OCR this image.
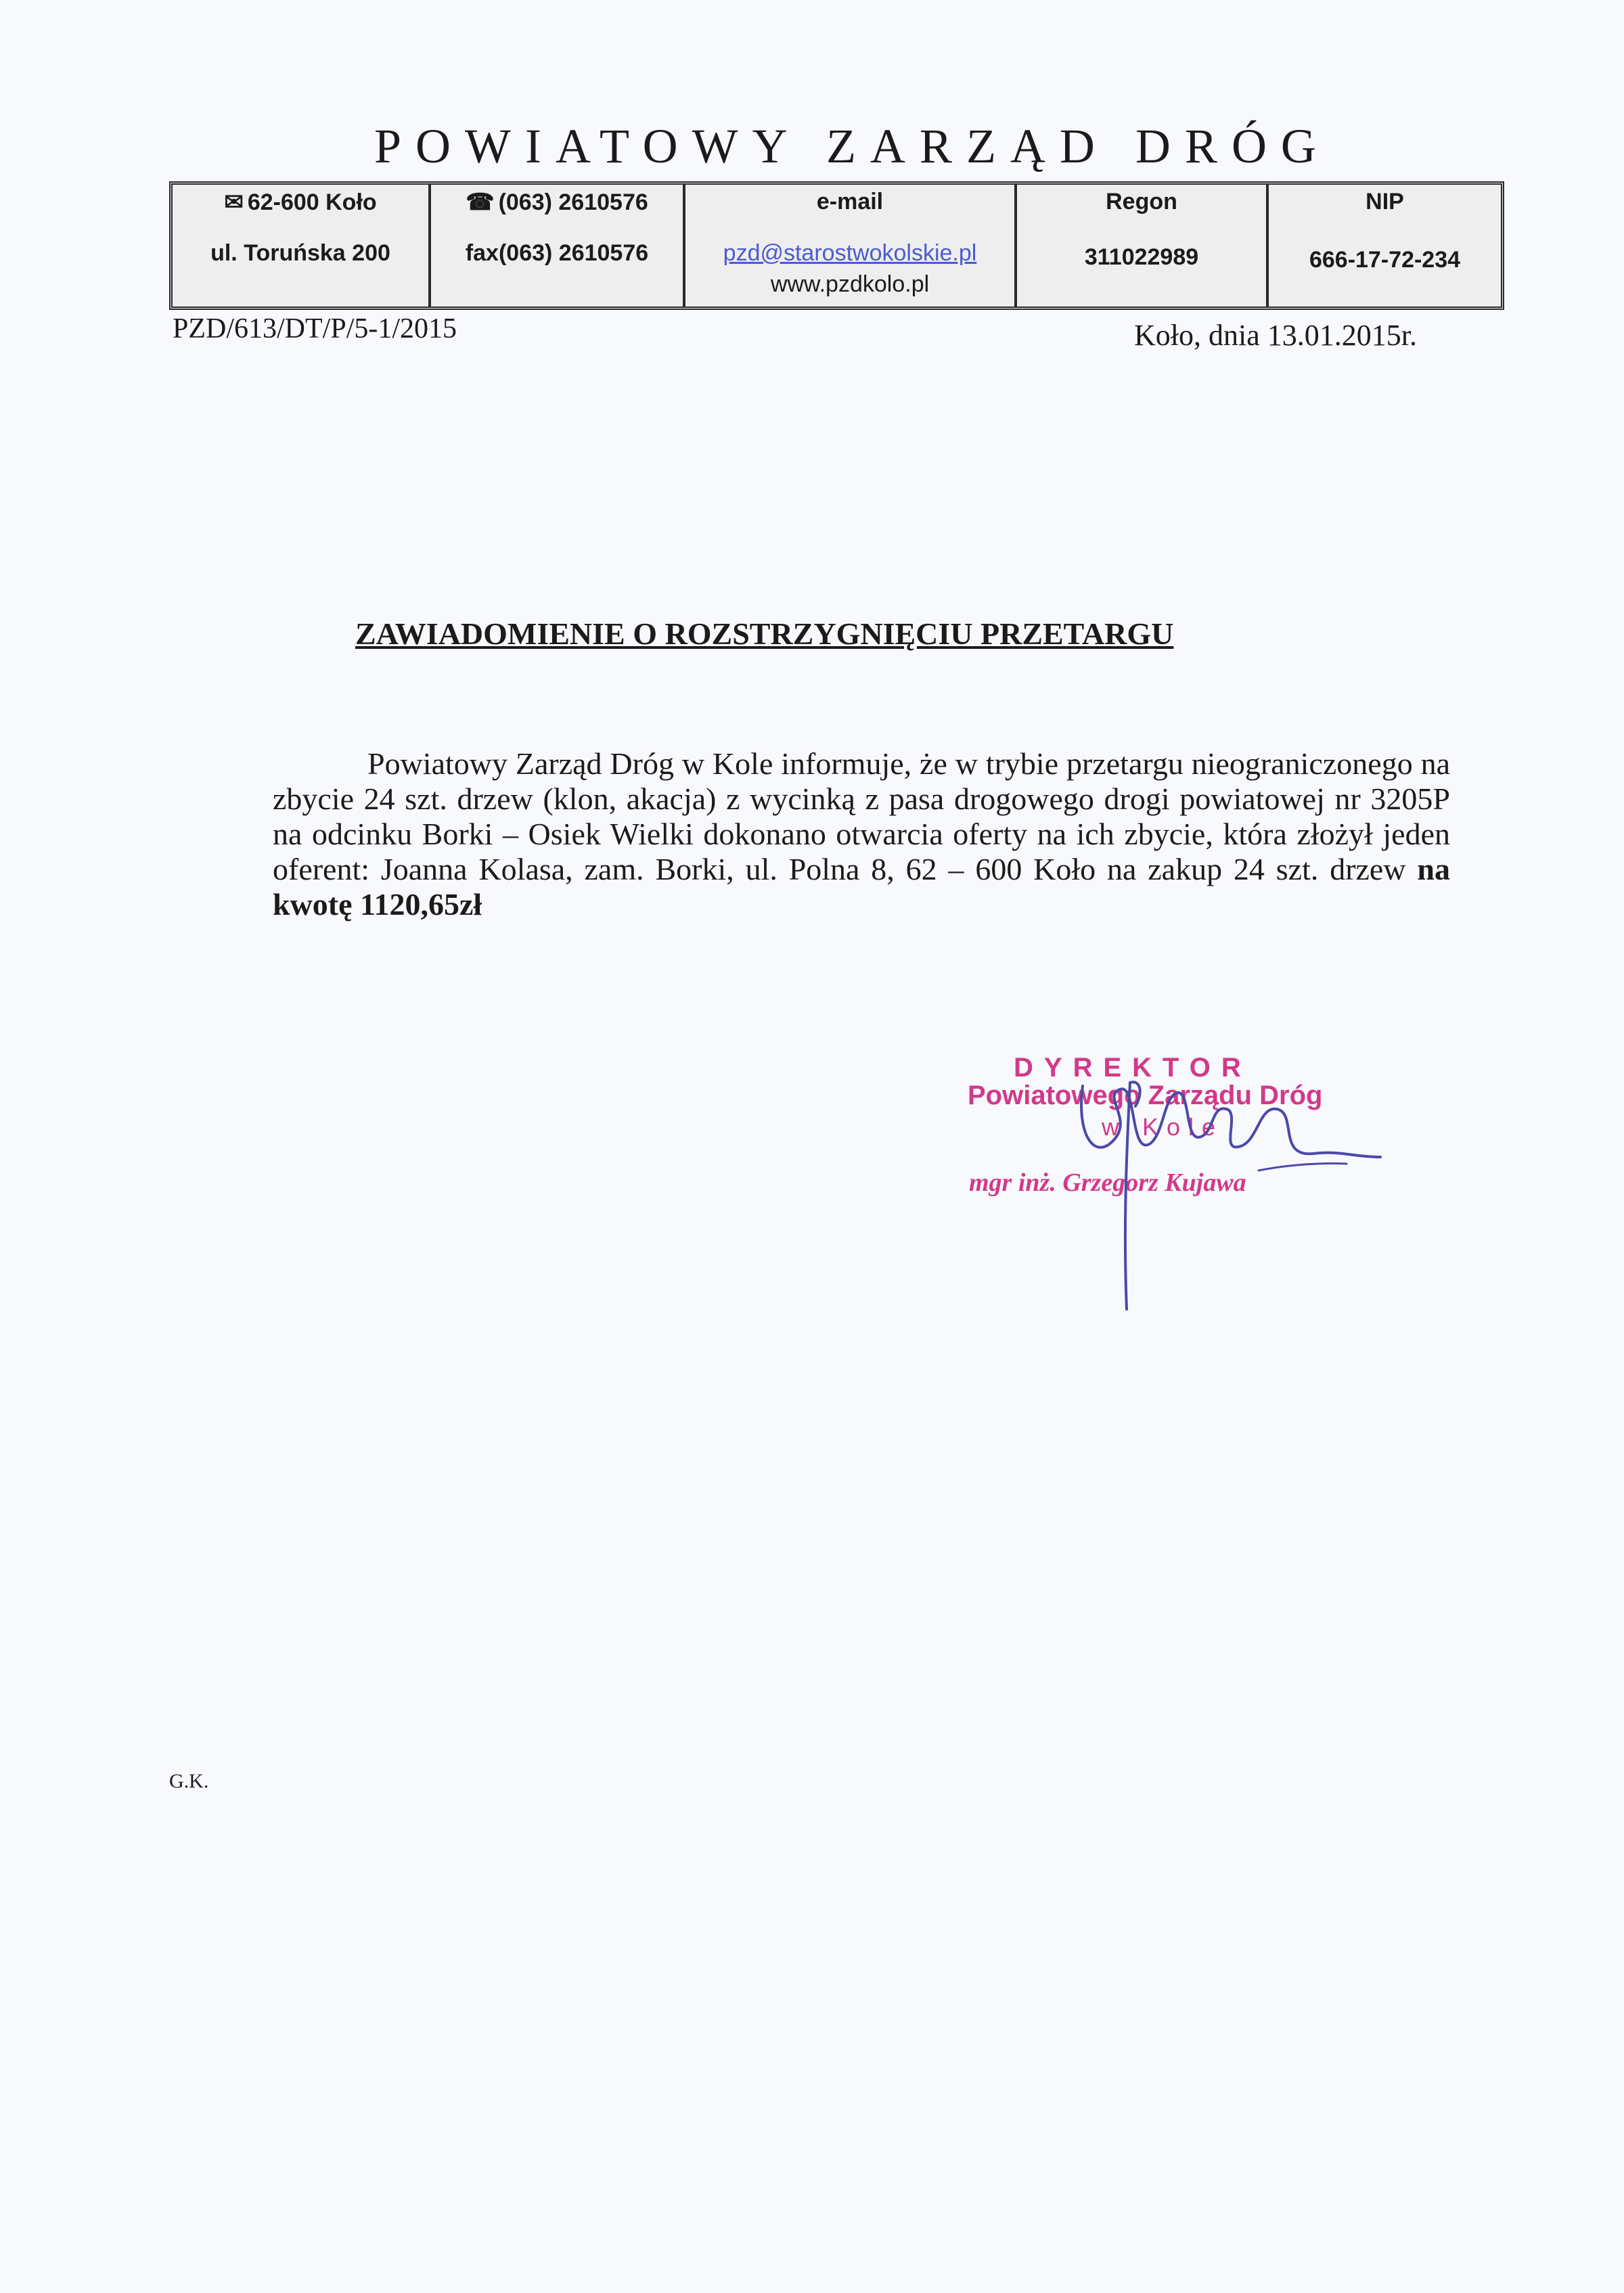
POWIATOWY ZARZĄD DRÓG
✉ 62-600 Koło
ul. Toruńska 200
☎ (063) 2610576
fax(063) 2610576
e-mail
pzd@starostwokolskie.pl
www.pzdkolo.pl
Regon
311022989
NIP
666-17-72-234
PZD/613/DT/P/5-1/2015	Koło, dnia 13.01.2015r.
ZAWIADOMIENIE O ROZSTRZYGNIĘCIU PRZETARGU
Powiatowy Zarząd Dróg w Kole informuje, że w trybie przetargu nieograniczonego na zbycie 24 szt. drzew (klon, akacja) z wycinką z pasa drogowego drogi powiatowej nr 3205P na odcinku Borki – Osiek Wielki dokonano otwarcia oferty na ich zbycie, która złożył jeden oferent: Joanna Kolasa, zam. Borki, ul. Polna 8, 62 – 600 Koło na zakup 24 szt. drzew na kwotę 1120,65zł
DYREKTOR
Powiatowego Zarządu Dróg
w Kole
mgr inż. Grzegorz Kujawa
G.K.
